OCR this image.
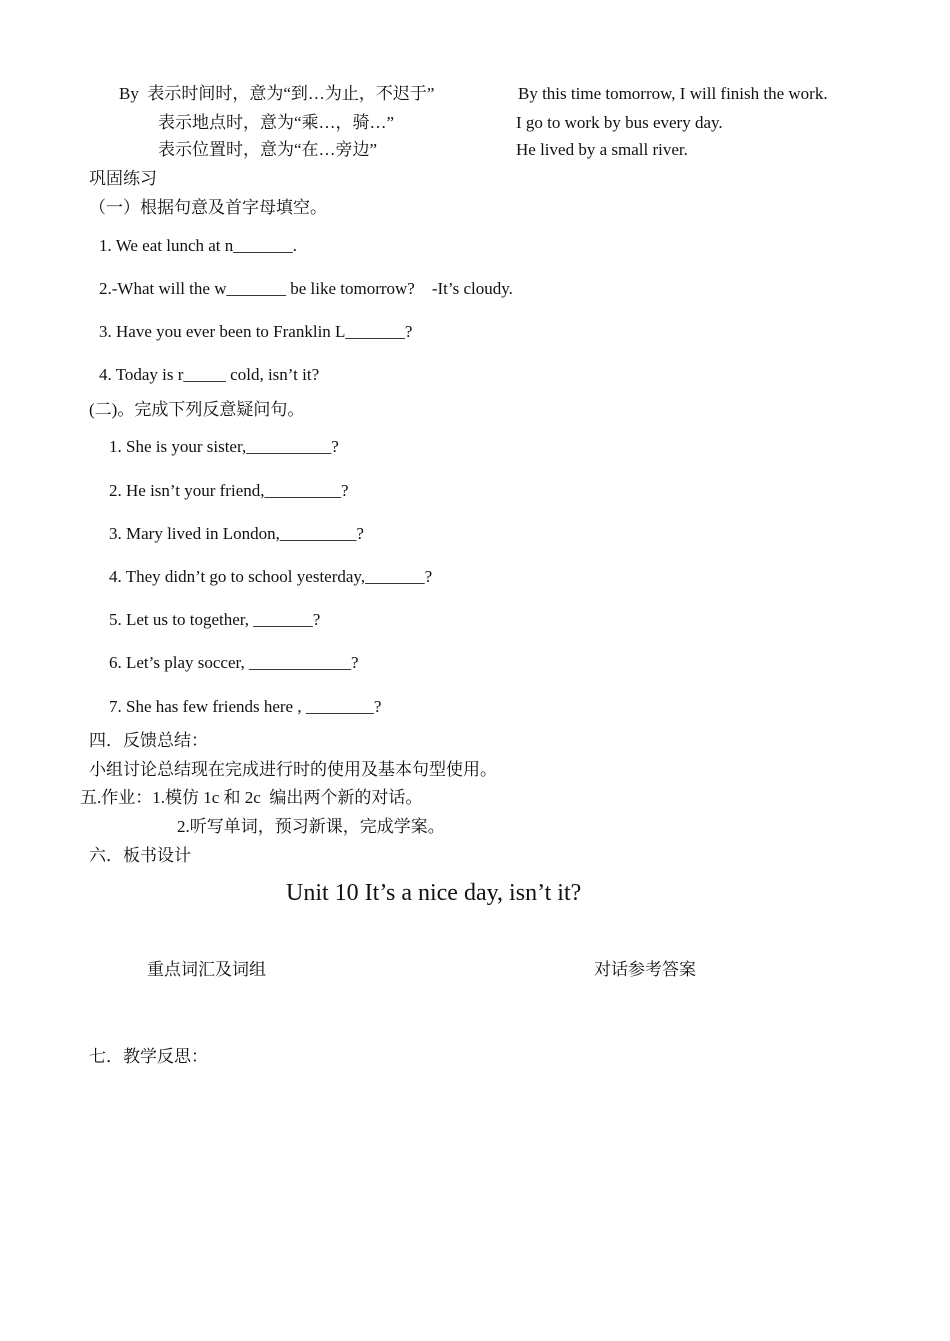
By  表示时间时，意为“到…为止，不迟于”	By this time tomorrow, I will finish the work.
表示地点时，意为“乘…，骑…”	I go to work by bus every day.
表示位置时，意为“在…旁边”	He lived by a small river.
巩固练习
（一）根据句意及首字母填空。
1. We eat lunch at n_______.
2.-What will the w_______ be like tomorrow?    -It’s cloudy.
3. Have you ever been to Franklin L_______?
4. Today is r_____ cold, isn’t it?
(二)。完成下列反意疑问句。
1. She is your sister,__________?
2. He isn’t your friend,_________?
3. Mary lived in London,_________?
4. They didn’t go to school yesterday,_______?
5. Let us to together, _______?
6. Let’s play soccer, ____________?
7. She has few friends here , ________?
四．反馈总结：
小组讨论总结现在完成进行时的使用及基本句型使用。
五.作业：1.模仿 1c 和 2c  编出两个新的对话。
2.听写单词，预习新课，完成学案。
六．板书设计
Unit 10 It’s a nice day, isn’t it?
重点词汇及词组	对话参考答案
七．教学反思：
